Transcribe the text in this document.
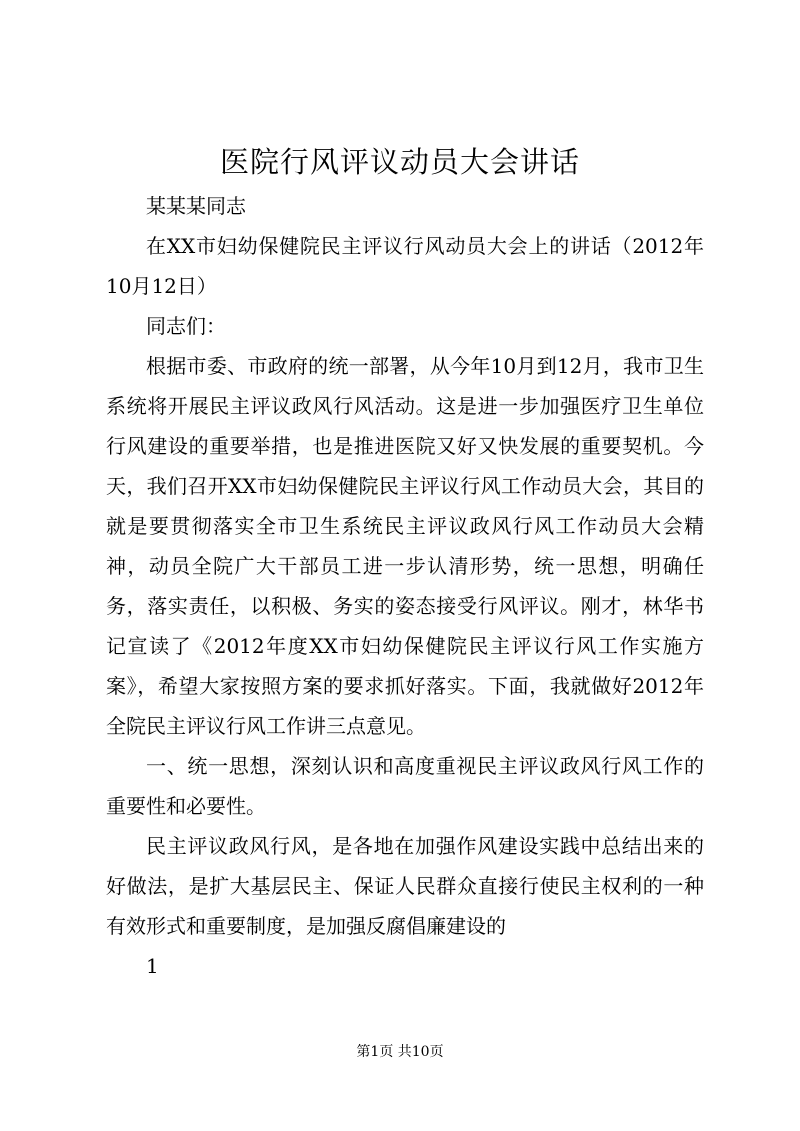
医院行风评议动员大会讲话

某某某同志

在XX市妇幼保健院民主评议行风动员大会上的讲话（2012年10月12日）

同志们：

根据市委、市政府的统一部署，从今年10月到12月，我市卫生系统将开展民主评议政风行风活动。这是进一步加强医疗卫生单位行风建设的重要举措，也是推进医院又好又快发展的重要契机。今天，我们召开XX市妇幼保健院民主评议行风工作动员大会，其目的就是要贯彻落实全市卫生系统民主评议政风行风工作动员大会精神，动员全院广大干部员工进一步认清形势，统一思想，明确任务，落实责任，以积极、务实的姿态接受行风评议。刚才，林华书记宣读了《2012年度XX市妇幼保健院民主评议行风工作实施方案》，希望大家按照方案的要求抓好落实。下面，我就做好2012年全院民主评议行风工作讲三点意见。

一、统一思想，深刻认识和高度重视民主评议政风行风工作的重要性和必要性。

民主评议政风行风，是各地在加强作风建设实践中总结出来的好做法，是扩大基层民主、保证人民群众直接行使民主权利的一种有效形式和重要制度，是加强反腐倡廉建设的

1

第1页 共10页
